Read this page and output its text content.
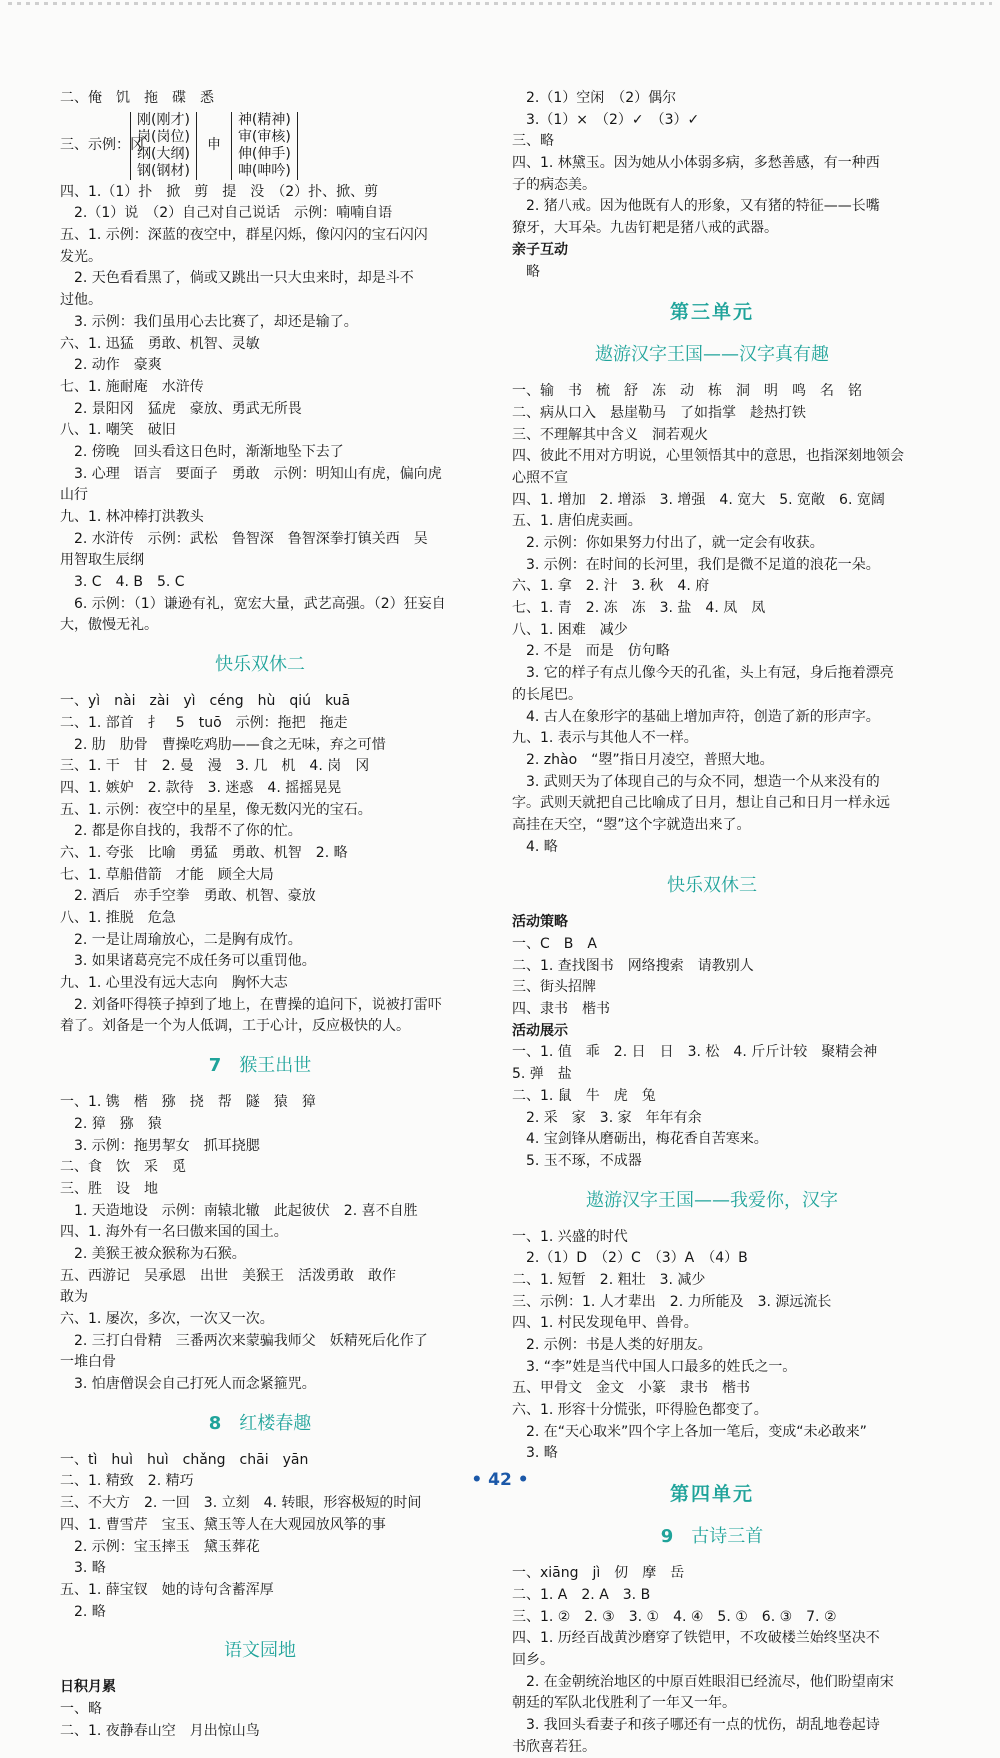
二、俺　饥　拖　碟　悉
三、示例：冈
刚(刚才)
岗(岗位)
纲(大纲)
钢(钢材)
申
神(精神)
审(审核)
伸(伸手)
呻(呻吟)
四、1.（1）扑　掀　剪　提　没　（2）扑、掀、剪
　2.（1）说　（2）自己对自己说话　示例：喃喃自语
五、1. 示例：深蓝的夜空中，群星闪烁，像闪闪的宝石闪闪
发光。
　2. 天色看看黑了，倘或又跳出一只大虫来时，却是斗不
过他。
　3. 示例：我们虽用心去比赛了，却还是输了。
六、1. 迅猛　勇敢、机智、灵敏
　2. 动作　豪爽
七、1. 施耐庵　水浒传
　2. 景阳冈　猛虎　豪放、勇武无所畏
八、1. 嘲笑　破旧
　2. 傍晚　回头看这日色时，渐渐地坠下去了
　3. 心理　语言　要面子　勇敢　示例：明知山有虎，偏向虎
山行
九、1. 林冲棒打洪教头
　2. 水浒传　示例：武松　鲁智深　鲁智深拳打镇关西　吴
用智取生辰纲
　3. C　4. B　5. C
　6. 示例：（1）谦逊有礼，宽宏大量，武艺高强。（2）狂妄自
大，傲慢无礼。
快乐双休二
一、yì　nài　zài　yì　céng　hù　qiú　kuā
二、1. 部首　扌　5　tuō　示例：拖把　拖走
　2. 肋　肋骨　曹操吃鸡肋——食之无味，弃之可惜
三、1. 干　甘　2. 曼　漫　3. 几　机　4. 岗　冈
四、1. 嫉妒　2. 款待　3. 迷惑　4. 摇摇晃晃
五、1. 示例：夜空中的星星，像无数闪光的宝石。
　2. 都是你自找的，我帮不了你的忙。
六、1. 夸张　比喻　勇猛　勇敢、机智　2. 略
七、1. 草船借箭　才能　顾全大局
　2. 酒后　赤手空拳　勇敢、机智、豪放
八、1. 推脱　危急
　2. 一是让周瑜放心，二是胸有成竹。
　3. 如果诸葛亮完不成任务可以重罚他。
九、1. 心里没有远大志向　胸怀大志
　2. 刘备吓得筷子掉到了地上，在曹操的追问下，说被打雷吓
着了。刘备是一个为人低调，工于心计，反应极快的人。
7 猴王出世
一、1. 镌　楷　猕　挠　帮　隧　猿　獐
　2. 獐　猕　猿
　3. 示例：拖男挈女　抓耳挠腮
二、食　饮　采　觅
三、胜　设　地
　1. 天造地设　示例：南辕北辙　此起彼伏　2. 喜不自胜
四、1. 海外有一名曰傲来国的国土。
　2. 美猴王被众猴称为石猴。
五、西游记　吴承恩　出世　美猴王　活泼勇敢　敢作
敢为
六、1. 屡次，多次，一次又一次。
　2. 三打白骨精　三番两次来蒙骗我师父　妖精死后化作了
一堆白骨
　3. 怕唐僧误会自己打死人而念紧箍咒。
8 红楼春趣
一、tì　huì　huì　chǎng　chāi　yān
二、1. 精致　2. 精巧
三、不大方　2. 一回　3. 立刻　4. 转眼，形容极短的时间
四、1. 曹雪芹　宝玉、黛玉等人在大观园放风筝的事
　2. 示例：宝玉摔玉　黛玉葬花
　3. 略
五、1. 薛宝钗　她的诗句含蓄浑厚
　2. 略
语文园地
日积月累
一、略
二、1. 夜静春山空　月出惊山鸟
　2.（1）空闲　（2）偶尔
　3.（1）×　（2）✓　（3）✓
三、略
四、1. 林黛玉。因为她从小体弱多病，多愁善感，有一种西
子的病态美。
　2. 猪八戒。因为他既有人的形象，又有猪的特征——长嘴
獠牙，大耳朵。九齿钉耙是猪八戒的武器。
亲子互动
　略
第三单元
遨游汉字王国——汉字真有趣
一、输　书　梳　舒　冻　动　栋　洞　明　鸣　名　铭
二、病从口入　悬崖勒马　了如指掌　趁热打铁
三、不理解其中含义　洞若观火
四、彼此不用对方明说，心里领悟其中的意思，也指深刻地领会
心照不宣
四、1. 增加　2. 增添　3. 增强　4. 宽大　5. 宽敞　6. 宽阔
五、1. 唐伯虎卖画。
　2. 示例：你如果努力付出了，就一定会有收获。
　3. 示例：在时间的长河里，我们是微不足道的浪花一朵。
六、1. 拿　2. 汁　3. 秋　4. 府
七、1. 青　2. 冻　冻　3. 盐　4. 凤　凤
八、1. 困难　减少
　2. 不是　而是　仿句略
　3. 它的样子有点儿像今天的孔雀，头上有冠，身后拖着漂亮
的长尾巴。
　4. 古人在象形字的基础上增加声符，创造了新的形声字。
九、1. 表示与其他人不一样。
　2. zhào　“曌”指日月凌空，普照大地。
　3. 武则天为了体现自己的与众不同，想造一个从来没有的
字。武则天就把自己比喻成了日月，想让自己和日月一样永远
高挂在天空，“曌”这个字就造出来了。
　4. 略
快乐双休三
活动策略
一、C　B　A
二、1. 查找图书　网络搜索　请教别人
三、街头招牌
四、隶书　楷书
活动展示
一、1. 值　乖　2. 日　日　3. 松　4. 斤斤计较　聚精会神
5. 弹　盐
二、1. 鼠　牛　虎　兔
　2. 采　家　3. 家　年年有余
　4. 宝剑锋从磨砺出，梅花香自苦寒来。
　5. 玉不琢，不成器
遨游汉字王国——我爱你，汉字
一、1. 兴盛的时代
　2.（1）D　（2）C　（3）A　（4）B
二、1. 短暂　2. 粗壮　3. 减少
三、示例：1. 人才辈出　2. 力所能及　3. 源远流长
四、1. 村民发现龟甲、兽骨。
　2. 示例：书是人类的好朋友。
　3. “李”姓是当代中国人口最多的姓氏之一。
五、甲骨文　金文　小篆　隶书　楷书
六、1. 形容十分慌张，吓得脸色都变了。
　2. 在“天心取米”四个字上各加一笔后，变成“未必敢来”
　3. 略
第四单元
9 古诗三首
一、xiāng　jì　仞　摩　岳
二、1. A　2. A　3. B
三、1. ②　2. ③　3. ①　4. ④　5. ①　6. ③　7. ②
四、1. 历经百战黄沙磨穿了铁铠甲，不攻破楼兰始终坚决不
回乡。
　2. 在金朝统治地区的中原百姓眼泪已经流尽，他们盼望南宋
朝廷的军队北伐胜利了一年又一年。
　3. 我回头看妻子和孩子哪还有一点的忧伤，胡乱地卷起诗
书欣喜若狂。
• 42 •
